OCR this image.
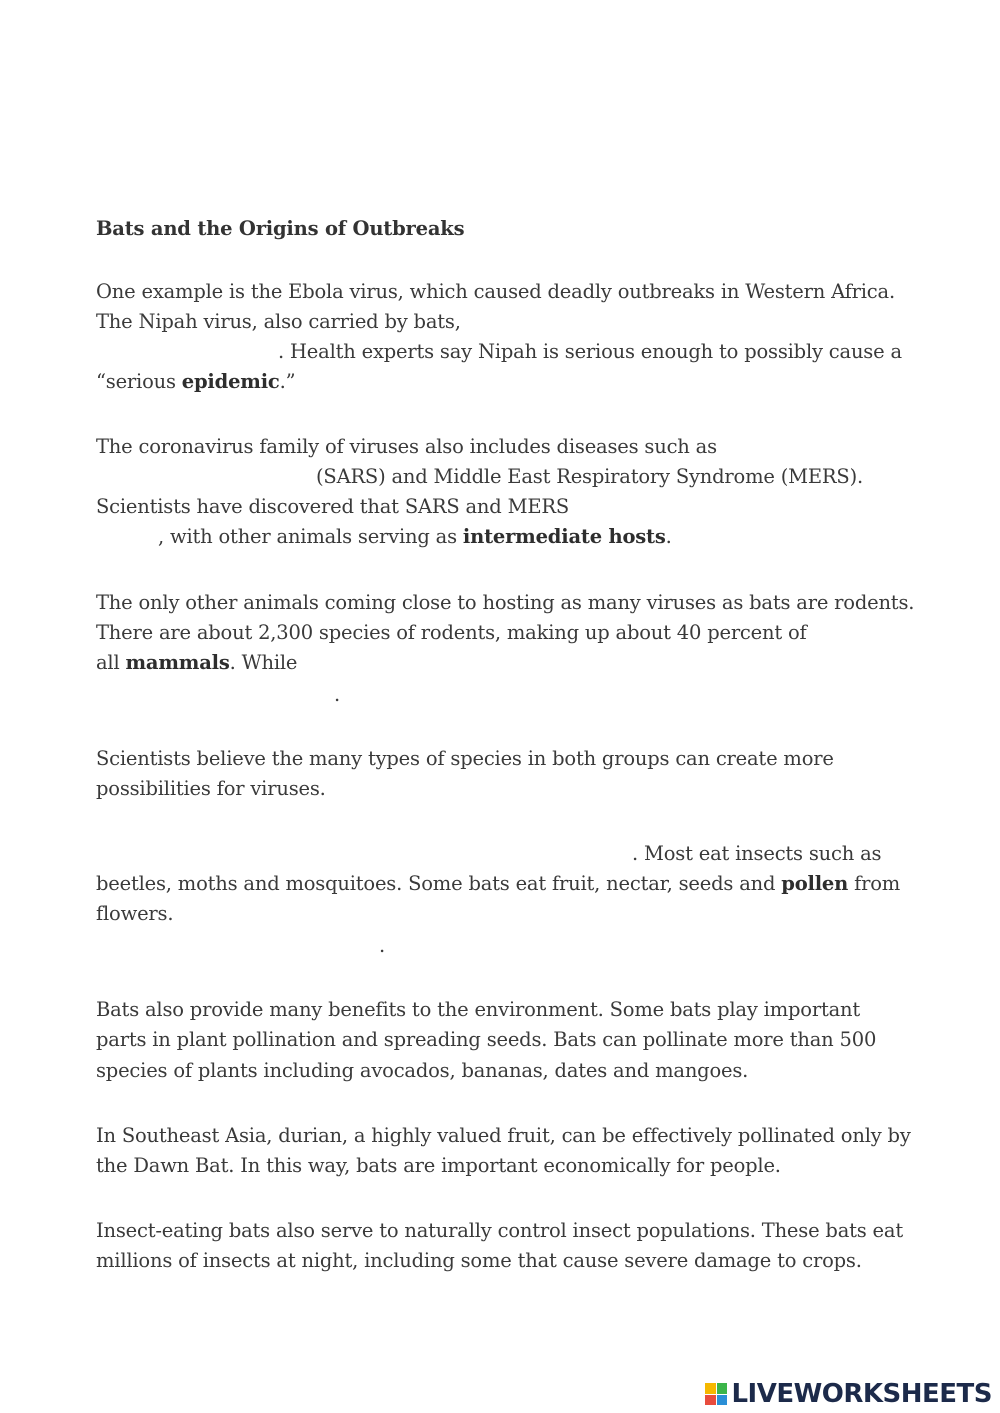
Bats and the Origins of Outbreaks
One example is the Ebola virus, which caused deadly outbreaks in Western Africa.
The Nipah virus, also carried by bats,
. Health experts say Nipah is serious enough to possibly cause a
“serious epidemic.”
The coronavirus family of viruses also includes diseases such as
(SARS) and Middle East Respiratory Syndrome (MERS).
Scientists have discovered that SARS and MERS
, with other animals serving as intermediate hosts.
The only other animals coming close to hosting as many viruses as bats are rodents.
There are about 2,300 species of rodents, making up about 40 percent of
all mammals. While
.
Scientists believe the many types of species in both groups can create more
possibilities for viruses.
. Most eat insects such as
beetles, moths and mosquitoes. Some bats eat fruit, nectar, seeds and pollen from
flowers.
.
Bats also provide many benefits to the environment. Some bats play important
parts in plant pollination and spreading seeds. Bats can pollinate more than 500
species of plants including avocados, bananas, dates and mangoes.
In Southeast Asia, durian, a highly valued fruit, can be effectively pollinated only by
the Dawn Bat. In this way, bats are important economically for people.
Insect-eating bats also serve to naturally control insect populations. These bats eat
millions of insects at night, including some that cause severe damage to crops.
LIVEWORKSHEETS
